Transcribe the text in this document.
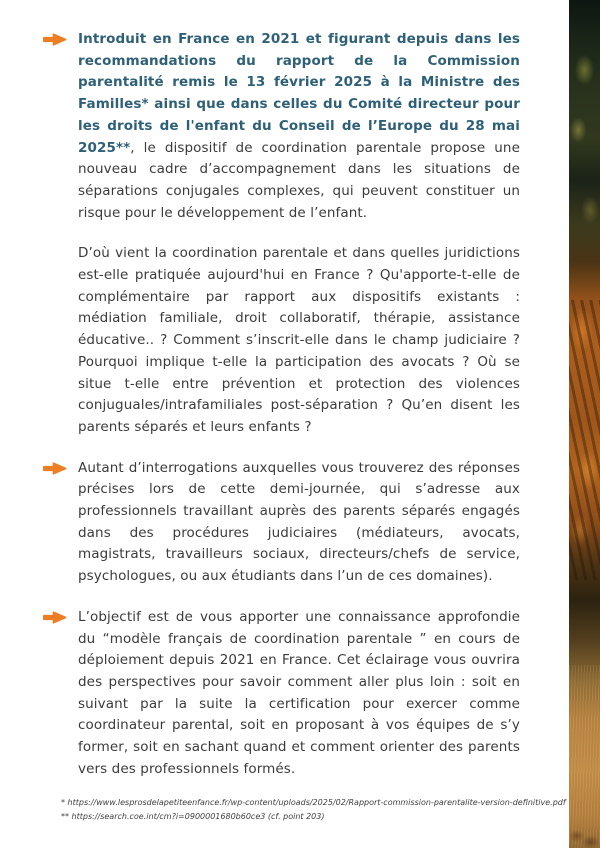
Introduit en France en 2021 et figurant depuis dans les recommandations du rapport de la Commission parentalité remis le 13 février 2025 à la Ministre des Familles* ainsi que dans celles du Comité directeur pour les droits de l'enfant du Conseil de l’Europe du 28 mai 2025**, le dispositif de coordination parentale propose une nouveau cadre d’accompagnement dans les situations de séparations conjugales complexes, qui peuvent constituer un risque pour le développement de l’enfant.
D’où vient la coordination parentale et dans quelles juridictions est-elle pratiquée aujourd'hui en France ? Qu'apporte-t-elle de complémentaire par rapport aux dispositifs existants : médiation familiale, droit collaboratif, thérapie, assistance éducative.. ? Comment s’inscrit-elle dans le champ judiciaire ? Pourquoi implique t-elle la participation des avocats ? Où se situe t-elle entre prévention et protection des violences conjuguales/intrafamiliales post-séparation ? Qu’en disent les parents séparés et leurs enfants ?
Autant d’interrogations auxquelles vous trouverez des réponses précises lors de cette demi-journée, qui s’adresse aux professionnels travaillant auprès des parents séparés engagés dans des procédures judiciaires (médiateurs, avocats, magistrats, travailleurs sociaux, directeurs/chefs de service, psychologues, ou aux étudiants dans l’un de ces domaines).
L’objectif est de vous apporter une connaissance approfondie du “modèle français de coordination parentale ” en cours de déploiement depuis 2021 en France. Cet éclairage vous ouvrira des perspectives pour savoir comment aller plus loin : soit en suivant par la suite la certification pour exercer comme coordinateur parental, soit en proposant à vos équipes de s’y former, soit en sachant quand et comment orienter des parents vers des professionnels formés.
* https://www.lesprosdelapetiteenfance.fr/wp-content/uploads/2025/02/Rapport-commission-parentalite-version-definitive.pdf
** https://search.coe.int/cm?i=0900001680b60ce3 (cf. point 203)
